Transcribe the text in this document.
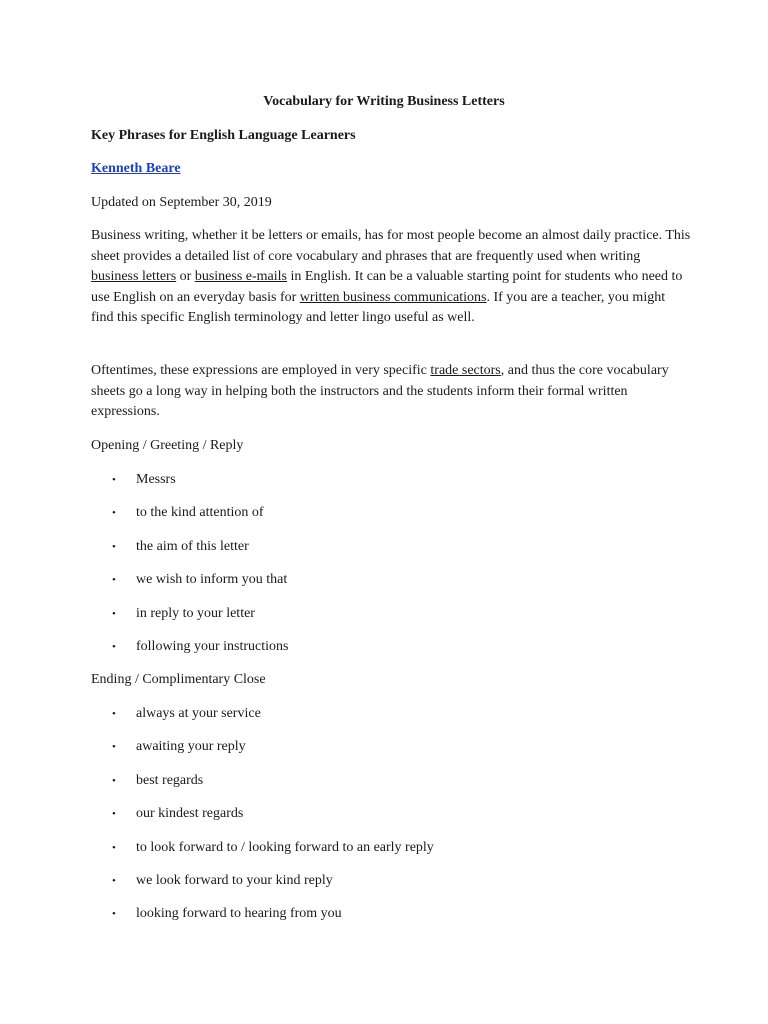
Vocabulary for Writing Business Letters
Key Phrases for English Language Learners
Kenneth Beare
Updated on September 30, 2019

Business writing, whether it be letters or emails, has for most people become an almost daily practice. This sheet provides a detailed list of core vocabulary and phrases that are frequently used when writing business letters or business e-mails in English. It can be a valuable starting point for students who need to use English on an everyday basis for written business communications. If you are a teacher, you might find this specific English terminology and letter lingo useful as well.

Oftentimes, these expressions are employed in very specific trade sectors, and thus the core vocabulary sheets go a long way in helping both the instructors and the students inform their formal written expressions.

Opening / Greeting / Reply
• Messrs
• to the kind attention of
• the aim of this letter
• we wish to inform you that
• in reply to your letter
• following your instructions
Ending / Complimentary Close
• always at your service
• awaiting your reply
• best regards
• our kindest regards
• to look forward to / looking forward to an early reply
• we look forward to your kind reply
• looking forward to hearing from you
